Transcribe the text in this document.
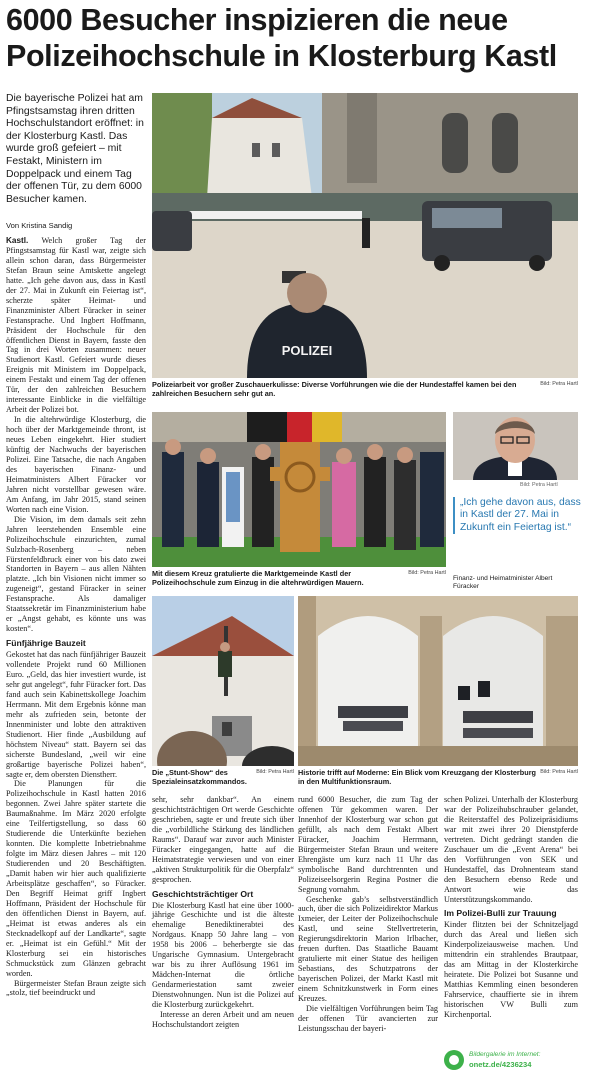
6000 Besucher inspizieren die neue Polizeihochschule in Klosterburg Kastl

Die bayerische Polizei hat am Pfingstsamstag ihren dritten Hochschulstandort eröffnet: in der Klosterburg Kastl. Das wurde groß gefeiert – mit Festakt, Ministern im Doppelpack und einem Tag der offenen Tür, zu dem 6000 Besucher kamen.

Von Kristina Sandig
POLIZEI
Bild: Petra Hartl
Polizeiarbeit vor großer Zuschauerkulisse: Diverse Vorführungen wie die der Hundestaffel kamen bei den zahlreichen Besuchern sehr gut an.
Bild: Petra Hartl
Mit diesem Kreuz gratulierte die Marktgemeinde Kastl der Polizeihochschule zum Einzug in die altehrwürdigen Mauern.
Bild: Petra Hartl

„Ich gehe davon aus, dass in Kastl der 27. Mai in Zukunft ein Feiertag ist.“

Finanz- und Heimatminister Albert Füracker
Bild: Petra Hartl
Die „Stunt-Show“ des Spezialeinsatzkommandos.
Bild: Petra Hartl
Historie trifft auf Moderne: Ein Blick vom Kreuzgang der Klosterburg in den Multifunktionsraum.

Kastl. Welch großer Tag der Pfingstsamstag für Kastl war, zeigte sich allein schon daran, dass Bürgermeister Stefan Braun seine Amtskette angelegt hatte. „Ich gehe davon aus, dass in Kastl der 27. Mai in Zukunft ein Feiertag ist“, scherzte später Heimat- und Finanzminister Albert Füracker in seiner Festansprache. Und Ingbert Hoffmann, Präsident der Hochschule für den öffentlichen Dienst in Bayern, fasste den Tag in drei Worten zusammen: neuer Studienort Kastl. Gefeiert wurde dieses Ereignis mit Ministern im Doppelpack, einem Festakt und einem Tag der offenen Tür, der den zahlreichen Besuchern interessante Einblicke in die vielfältige Arbeit der Polizei bot.

In die altehrwürdige Klosterburg, die hoch über der Marktgemeinde thront, ist neues Leben eingekehrt. Hier studiert künftig der Nachwuchs der bayerischen Polizei. Eine Tatsache, die nach Angaben des bayerischen Finanz- und Heimatministers Albert Füracker vor Jahren nicht vorstellbar gewesen wäre. Am Anfang, im Jahr 2015, stand seinen Worten nach eine Vision.

Die Vision, im dem damals seit zehn Jahren leerstehenden Ensemble eine Polizeihochschule einzurichten, zumal Sulzbach-Rosenberg – neben Fürstenfeldbruck einer von bis dato zwei Standorten in Bayern – aus allen Nähten platzte. „Ich bin Visionen nicht immer so zugeneigt“, gestand Füracker in seiner Festansprache. Als damaliger Staatssekretär im Finanzministerium habe er „Angst gehabt, es könnte uns was kosten“.

Fünfjährige Bauzeit

Gekostet hat das nach fünfjähriger Bauzeit vollendete Projekt rund 60 Millionen Euro. „Geld, das hier investiert wurde, ist sehr gut angelegt“, fuhr Füracker fort. Das fand auch sein Kabinettskollege Joachim Herrmann. Mit dem Ergebnis könne man mehr als zufrieden sein, betonte der Innenminister und lobte den attraktiven Studienort. Hier finde „Ausbildung auf höchstem Niveau“ statt. Bayern sei das sicherste Bundesland, „weil wir eine großartige bayerische Polizei haben“, sagte er, dem obersten Dienstherr.

Die Planungen für die Polizeihochschule in Kastl hatten 2016 begonnen. Zwei Jahre später startete die Baumaßnahme. Im März 2020 erfolgte eine Teilfertigstellung, so dass 60 Studierende die Unterkünfte beziehen konnten. Die komplette Inbetriebnahme folgte im März diesen Jahres – mit 120 Studierenden und 20 Beschäftigten. „Damit haben wir hier auch qualifizierte Arbeitsplätze geschaffen“, so Füracker. Den Begriff Heimat griff Ingbert Hoffmann, Präsident der Hochschule für den öffentlichen Dienst in Bayern, auf. „Heimat ist etwas anderes als ein Stecknadelkopf auf der Landkarte“, sagte er. „Heimat ist ein Gefühl.“ Mit der Klosterburg sei ein historisches Schmuckstück zum Glänzen gebracht worden.

Bürgermeister Stefan Braun zeigte sich „stolz, tief beeindruckt und

sehr, sehr dankbar“. An einem geschichtsträchtigen Ort werde Geschichte geschrieben, sagte er und freute sich über die „vorbildliche Stärkung des ländlichen Raums“. Darauf war zuvor auch Minister Füracker eingegangen, hatte auf die Heimatstrategie verwiesen und von einer „aktiven Strukturpolitik für die Oberpfalz“ gesprochen.

Geschichtsträchtiger Ort

Die Klosterburg Kastl hat eine über 1000-jährige Geschichte und ist die älteste ehemalige Benediktinerabtei des Nordgaus. Knapp 50 Jahre lang – von 1958 bis 2006 – beherbergte sie das Ungarische Gymnasium. Untergebracht war bis zu ihrer Auflösung 1961 im Mädchen-Internat die örtliche Gendarmeriestation samt zweier Dienstwohnungen. Nun ist die Polizei auf die Klosterburg zurückgekehrt.

Interesse an deren Arbeit und am neuen Hochschulstandort zeigten

rund 6000 Besucher, die zum Tag der offenen Tür gekommen waren. Der Innenhof der Klosterburg war schon gut gefüllt, als nach dem Festakt Albert Füracker, Joachim Herrmann, Bürgermeister Stefan Braun und weitere Ehrengäste um kurz nach 11 Uhr das symbolische Band durchtrennten und Polizeiseelsorgerin Regina Postner die Segnung vornahm.

Geschenke gab’s selbstverständlich auch, über die sich Polizeidirektor Markus Ixmeier, der Leiter der Polizeihochschule Kastl, und seine Stellvertreterin, Regierungsdirektorin Marion Irlbacher, freuen durften. Das Staatliche Bauamt gratulierte mit einer Statue des heiligen Sebastians, des Schutzpatrons der bayerischen Polizei, der Markt Kastl mit einem Schnitzkunstwerk in Form eines Kreuzes.

Die vielfältigen Vorführungen beim Tag der offenen Tür avancierten zur Leistungsschau der bayeri-

schen Polizei. Unterhalb der Klosterburg war der Polizeihubschrauber gelandet, die Reiterstaffel des Polizeipräsidiums war mit zwei ihrer 20 Dienstpferde vertreten. Dicht gedrängt standen die Zuschauer um die „Event Arena“ bei den Vorführungen von SEK und Hundestaffel, das Drohnenteam stand den Besuchern ebenso Rede und Antwort wie das Unterstützungskommando.

Im Polizei-Bulli zur Trauung

Kinder flitzten bei der Schnitzeljagd durch das Areal und ließen sich Kinderpolizeiausweise machen. Und mittendrin ein strahlendes Brautpaar, das am Mittag in der Klosterkirche heiratete. Die Polizei bot Susanne und Matthias Kemmling einen besonderen Fahrservice, chauffierte sie in ihrem historischen VW Bulli zum Kirchenportal.

Bildergalerie im Internet:
onetz.de/4236234
